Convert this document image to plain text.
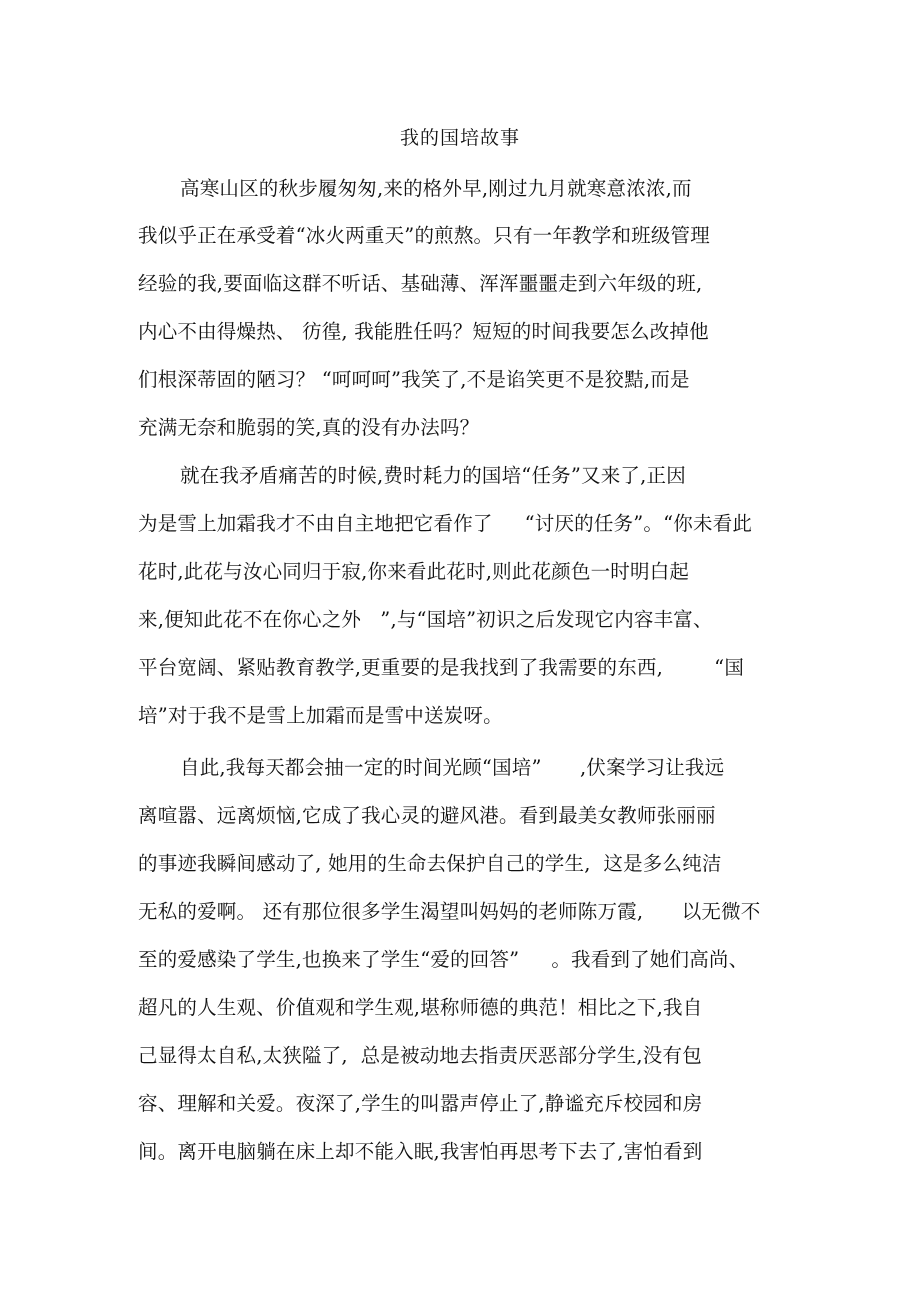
我的国培故事
高寒山区的秋步履匆匆,来的格外早,刚过九月就寒意浓浓,而
我似乎正在承受着“冰火两重天”的煎熬。只有一年教学和班级管理
经验的我,要面临这群不听话、基础薄、浑浑噩噩走到六年级的班,
内心不由得燥热、 彷徨, 我能胜任吗？短短的时间我要怎么改掉他
们根深蒂固的陋习？ “呵呵呵”我笑了,不是谄笑更不是狡黠,而是
充满无奈和脆弱的笑,真的没有办法吗？
就在我矛盾痛苦的时候,费时耗力的国培“任务”又来了,正因
为是雪上加霜我才不由自主地把它看作了     “讨厌的任务”。“你未看此
花时,此花与汝心同归于寂,你来看此花时,则此花颜色一时明白起
来,便知此花不在你心之外   ”,与“国培”初识之后发现它内容丰富、
平台宽阔、紧贴教育教学,更重要的是我找到了我需要的东西,        “国
培”对于我不是雪上加霜而是雪中送炭呀。
自此,我每天都会抽一定的时间光顾“国培”      ,伏案学习让我远
离喧嚣、远离烦恼,它成了我心灵的避风港。看到最美女教师张丽丽
的事迹我瞬间感动了, 她用的生命去保护自己的学生,  这是多么纯洁
无私的爱啊。 还有那位很多学生渴望叫妈妈的老师陈万霞,      以无微不
至的爱感染了学生,也换来了学生“爱的回答”     。我看到了她们高尚、
超凡的人生观、价值观和学生观,堪称师德的典范！相比之下,我自
己显得太自私,太狭隘了,  总是被动地去指责厌恶部分学生,没有包
容、理解和关爱。夜深了,学生的叫嚣声停止了,静谧充斥校园和房
间。离开电脑躺在床上却不能入眠,我害怕再思考下去了,害怕看到
